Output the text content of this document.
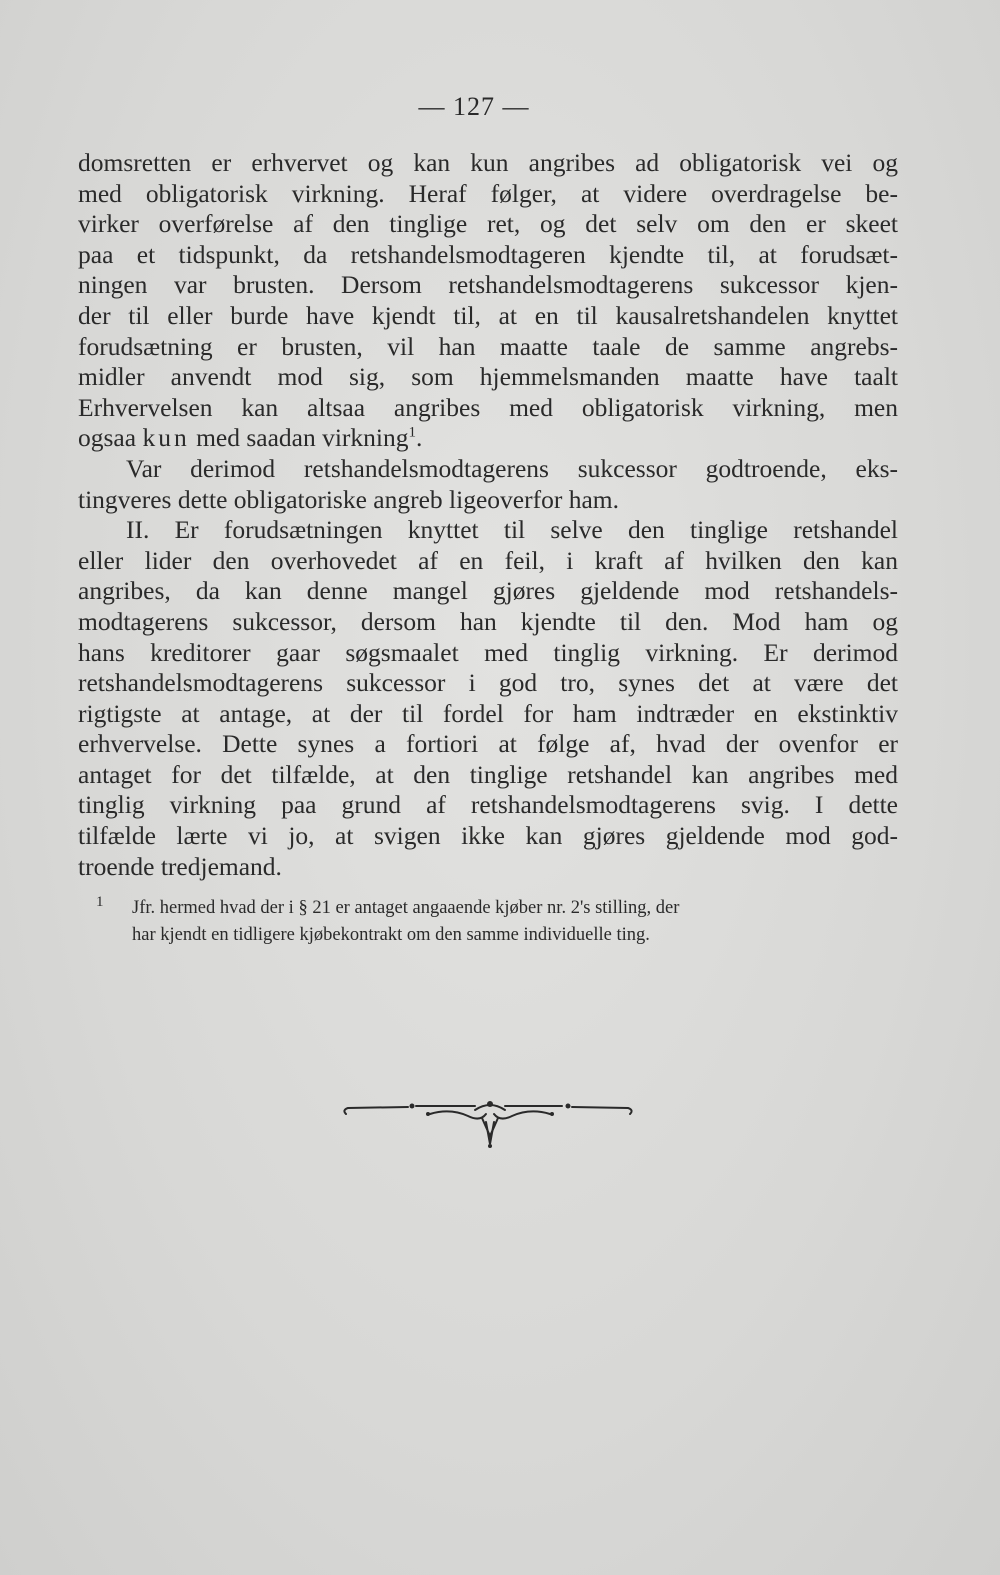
— 127 —
domsretten er erhvervet og kan kun angribes ad obligatorisk vei og
med obligatorisk virkning. Heraf følger, at videre overdragelse be-
virker overførelse af den tinglige ret, og det selv om den er skeet
paa et tidspunkt, da retshandelsmodtageren kjendte til, at forudsæt-
ningen var brusten. Dersom retshandelsmodtagerens sukcessor kjen-
der til eller burde have kjendt til, at en til kausalretshandelen knyttet
forudsætning er brusten, vil han maatte taale de samme angrebs-
midler anvendt mod sig, som hjemmelsmanden maatte have taalt
Erhvervelsen kan altsaa angribes med obligatorisk virkning, men
ogsaa kun med saadan virkning$^1$.
Var derimod retshandelsmodtagerens sukcessor godtroende, eks-
tingveres dette obligatoriske angreb ligeoverfor ham.
II. Er forudsætningen knyttet til selve den tinglige retshandel
eller lider den overhovedet af en feil, i kraft af hvilken den kan
angribes, da kan denne mangel gjøres gjeldende mod retshandels-
modtagerens sukcessor, dersom han kjendte til den. Mod ham og
hans kreditorer gaar søgsmaalet med tinglig virkning. Er derimod
retshandelsmodtagerens sukcessor i god tro, synes det at være det
rigtigste at antage, at der til fordel for ham indtræder en ekstinktiv
erhvervelse. Dette synes a fortiori at følge af, hvad der ovenfor er
antaget for det tilfælde, at den tinglige retshandel kan angribes med
tinglig virkning paa grund af retshandelsmodtagerens svig. I dette
tilfælde lærte vi jo, at svigen ikke kan gjøres gjeldende mod god-
troende tredjemand.
1 Jfr. hermed hvad der i § 21 er antaget angaaende kjøber nr. 2's stilling, der
har kjendt en tidligere kjøbekontrakt om den samme individuelle ting.
